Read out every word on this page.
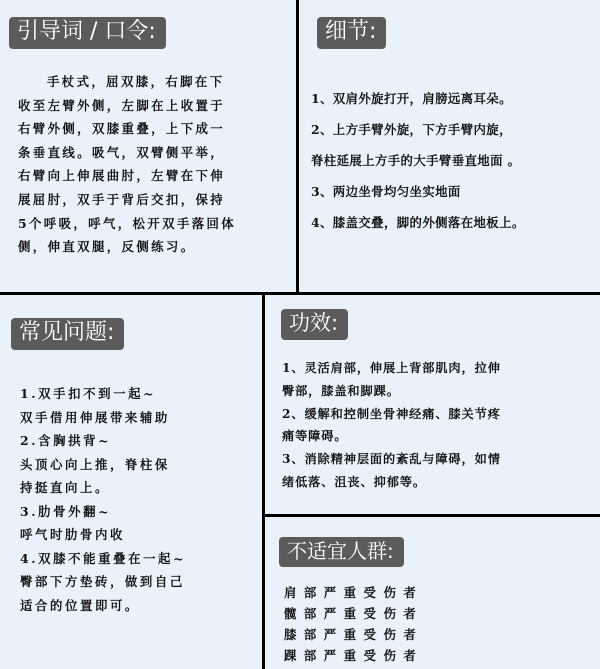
引导词 / 口令:
手杖式，屈双膝，右脚在下
收至左臂外侧，左脚在上收置于
右臂外侧，双膝重叠，上下成一
条垂直线。吸气，双臂侧平举，
右臂向上伸展曲肘，左臂在下伸
展屈肘，双手于背后交扣，保持
5个呼吸，呼气，松开双手落回体
侧，伸直双腿，反侧练习。
细节:
1、双肩外旋打开，肩膀远离耳朵。
2、上方手臂外旋，下方手臂内旋，
脊柱延展上方手的大手臂垂直地面 。
3、两边坐骨均匀坐实地面
4、膝盖交叠，脚的外侧落在地板上。
常见问题:
1.双手扣不到一起~
双手借用伸展带来辅助
2.含胸拱背~
头顶心向上推，脊柱保
持挺直向上。
3.肋骨外翻~
呼气时肋骨内收
4.双膝不能重叠在一起~
臀部下方垫砖，做到自己
适合的位置即可。
功效:
1、灵活肩部，伸展上背部肌肉，拉伸
臀部，膝盖和脚踝。
2、缓解和控制坐骨神经痛、膝关节疼
痛等障碍。
3、消除精神层面的紊乱与障碍，如情
绪低落、沮丧、抑郁等。
不适宜人群:
肩部严重受伤者
髋部严重受伤者
膝部严重受伤者
踝部严重受伤者
